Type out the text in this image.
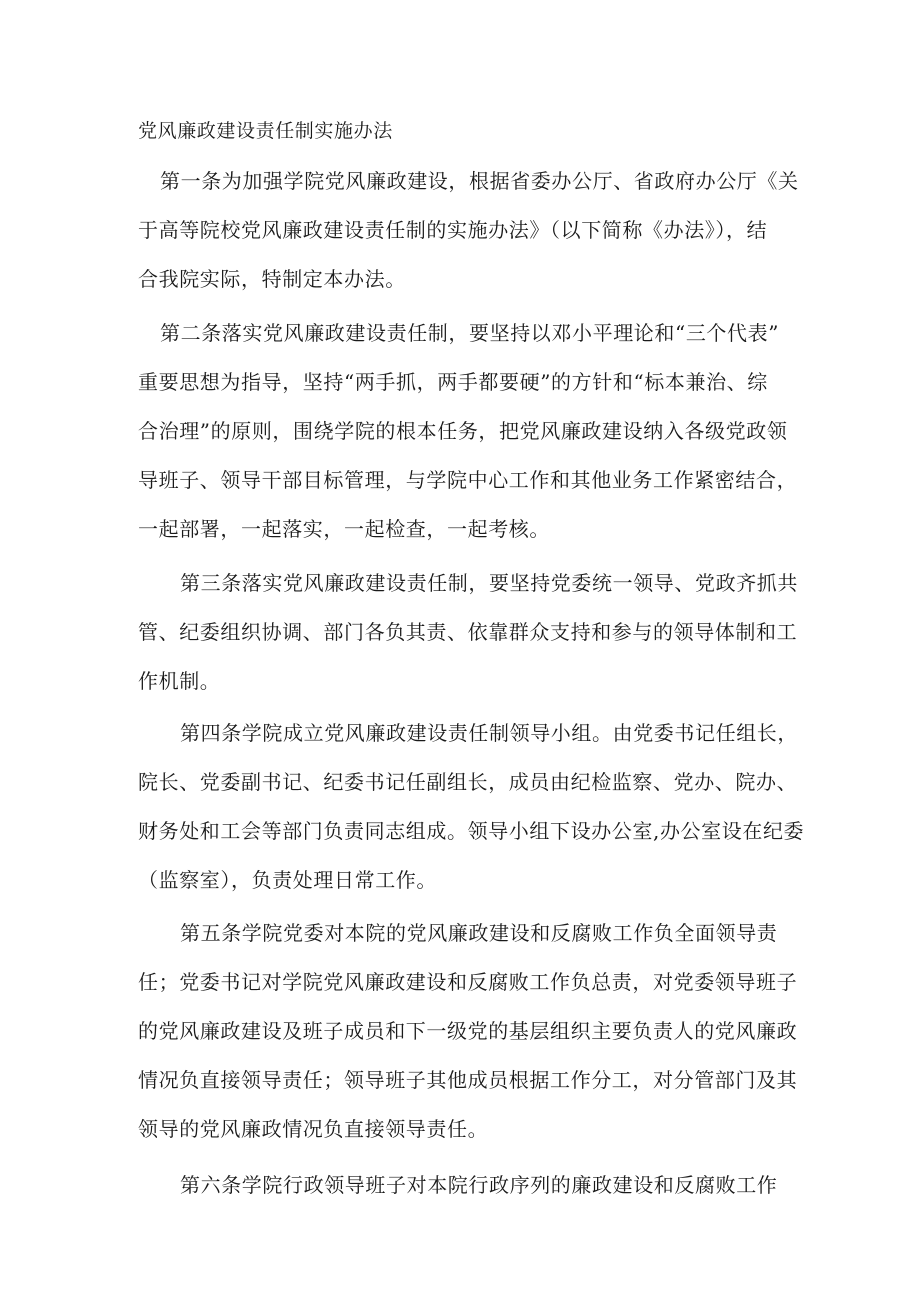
党风廉政建设责任制实施办法

第一条为加强学院党风廉政建设，根据省委办公厅、省政府办公厅《关

于高等院校党风廉政建设责任制的实施办法》（以下简称《办法》），结

合我院实际，特制定本办法。

第二条落实党风廉政建设责任制，要坚持以邓小平理论和“三个代表”

重要思想为指导，坚持“两手抓，两手都要硬”的方针和“标本兼治、综

合治理”的原则，围绕学院的根本任务，把党风廉政建设纳入各级党政领

导班子、领导干部目标管理，与学院中心工作和其他业务工作紧密结合，

一起部署，一起落实，一起检查，一起考核。

第三条落实党风廉政建设责任制，要坚持党委统一领导、党政齐抓共

管、纪委组织协调、部门各负其责、依靠群众支持和参与的领导体制和工

作机制。

第四条学院成立党风廉政建设责任制领导小组。由党委书记任组长，

院长、党委副书记、纪委书记任副组长，成员由纪检监察、党办、院办、

财务处和工会等部门负责同志组成。领导小组下设办公室,办公室设在纪委

（监察室），负责处理日常工作。

第五条学院党委对本院的党风廉政建设和反腐败工作负全面领导责

任；党委书记对学院党风廉政建设和反腐败工作负总责，对党委领导班子

的党风廉政建设及班子成员和下一级党的基层组织主要负责人的党风廉政

情况负直接领导责任；领导班子其他成员根据工作分工，对分管部门及其

领导的党风廉政情况负直接领导责任。

第六条学院行政领导班子对本院行政序列的廉政建设和反腐败工作
